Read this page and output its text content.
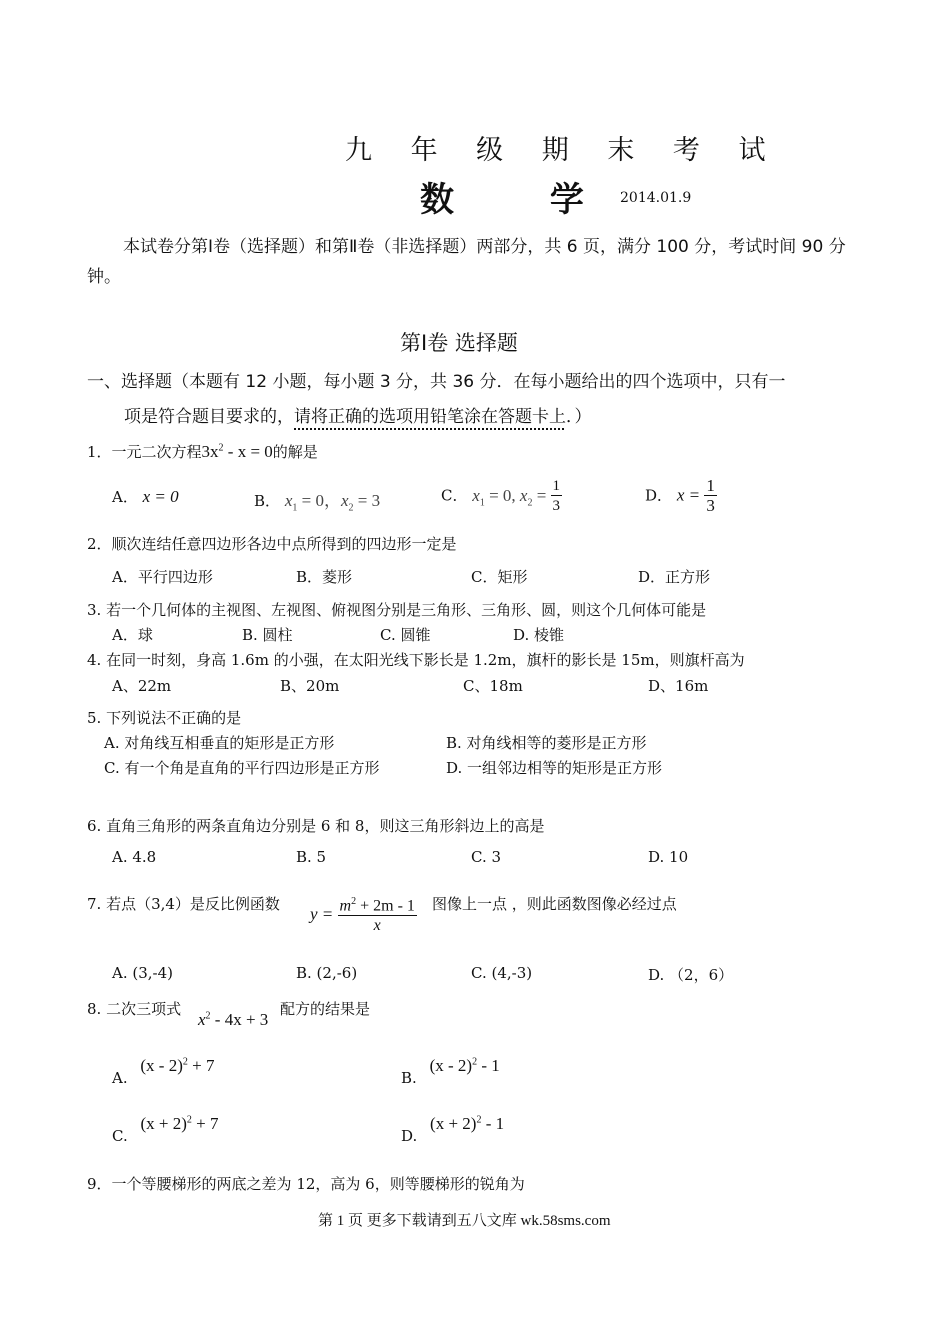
九 年 级 期 末 考 试
数 学
2014.01.9
本试卷分第Ⅰ卷（选择题）和第Ⅱ卷（非选择题）两部分，共 6 页，满分 100 分，考试时间 90 分钟。
第Ⅰ卷 选择题
一、选择题（本题有 12 小题，每小题 3 分，共 36 分．在每小题给出的四个选项中，只有一
项是符合题目要求的，请将正确的选项用铅笔涂在答题卡上．）
1．一元二次方程$3x^2 - x = 0$的解是
A． x = 0	B． $x_1 = 0$，$x_2 = 3$	C． $x_1 = 0$, $x_2 = \frac{1}{3}$	D． $x = \frac{1}{3}$
2．顺次连结任意四边形各边中点所得到的四边形一定是
A．平行四边形	B．菱形	C．矩形	D．正方形
3. 若一个几何体的主视图、左视图、俯视图分别是三角形、三角形、圆，则这个几何体可能是
A．球	B. 圆柱	C. 圆锥	D. 棱锥
4. 在同一时刻，身高 1.6m 的小强，在太阳光线下影长是 1.2m，旗杆的影长是 15m，则旗杆高为
A、22m	B、20m	C、18m	D、16m
5. 下列说法不正确的是
A. 对角线互相垂直的矩形是正方形	B. 对角线相等的菱形是正方形
C. 有一个角是直角的平行四边形是正方形	D. 一组邻边相等的矩形是正方形
6. 直角三角形的两条直角边分别是 6 和 8，则这三角形斜边上的高是
A. 4.8	B. 5	C. 3	D. 10
7. 若点（3,4）是反比例函数
$y = \frac{m^2 + 2m - 1}{x}$ 图像上一点 ，则此函数图像必经过点
A. (3,-4)	B. (2,-6)	C. (4,-3)	D. （2，6）
8. 二次三项式
$x^2 - 4x + 3$
配方的结果是
A. (x - 2)$^2$ + 7
B. (x - 2)$^2$ - 1
C. $(x + 2)^2 + 7$
D. $(x + 2)^2 - 1$
9．一个等腰梯形的两底之差为 12，高为 6，则等腰梯形的锐角为
第 1 页 更多下载请到五八文库 wk.58sms.com
